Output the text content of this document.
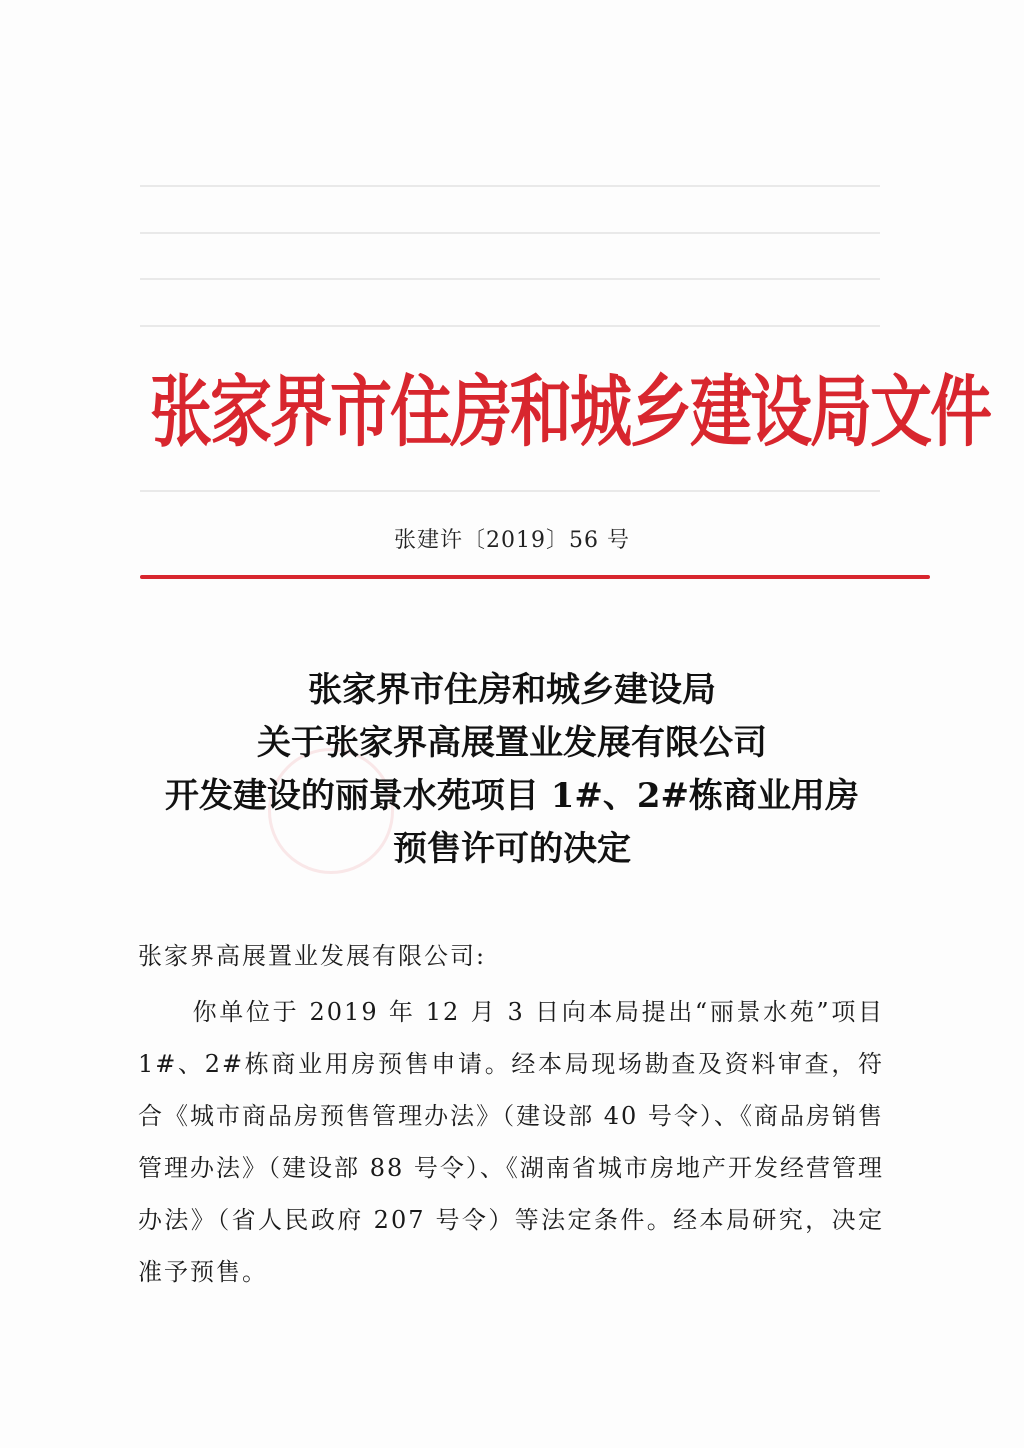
张家界市住房和城乡建设局文件
张建许〔2019〕56 号
张家界市住房和城乡建设局
关于张家界高展置业发展有限公司
开发建设的丽景水苑项目 1#、2#栋商业用房
预售许可的决定
张家界高展置业发展有限公司:
你单位于 2019 年 12 月 3 日向本局提出“丽景水苑”项目1#、2#栋商业用房预售申请。经本局现场勘查及资料审查，符合《城市商品房预售管理办法》（建设部 40 号令）、《商品房销售管理办法》（建设部 88 号令）、《湖南省城市房地产开发经营管理办法》（省人民政府 207 号令）等法定条件。经本局研究，决定准予预售。
